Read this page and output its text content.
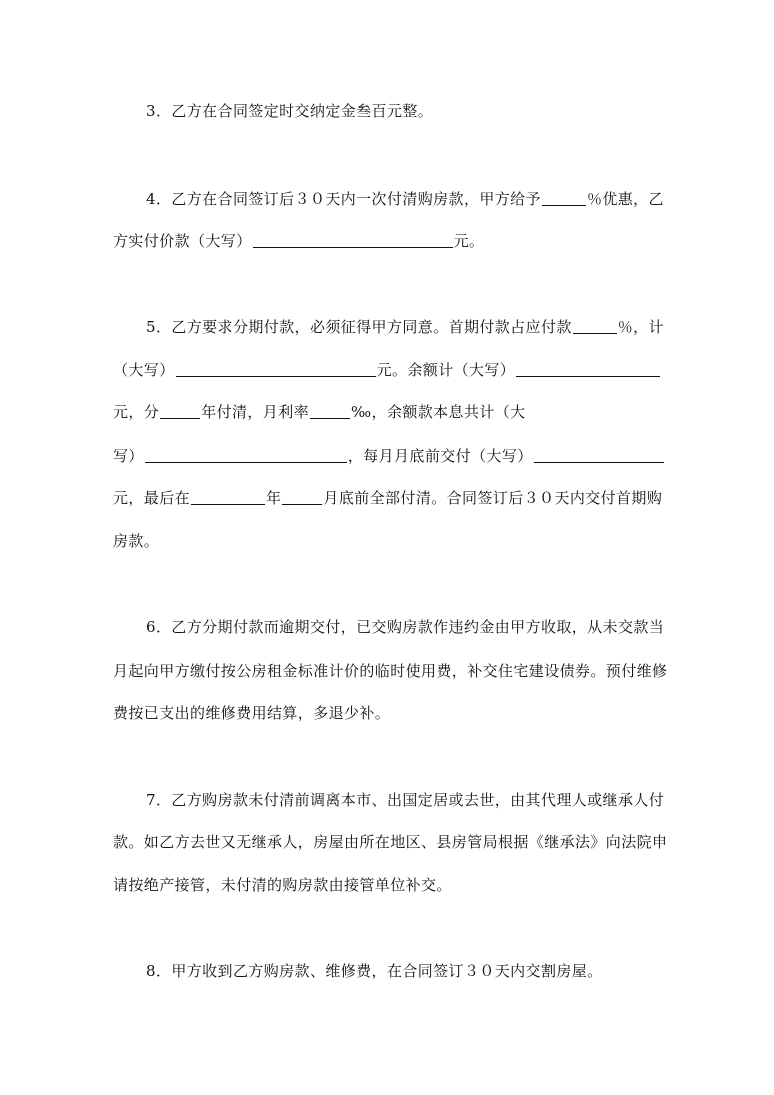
3．乙方在合同签定时交纳定金叁百元整。
4．乙方在合同签订后３０天内一次付清购房款，甲方给予	％优惠，乙
方实付价款（大写）	元。
5．乙方要求分期付款，必须征得甲方同意。首期付款占应付款	％，计
（大写）	元。余额计（大写）
元，分	年付清，月利率	‰，余额款本息共计（大
写）	，每月月底前交付（大写）
元，最后在	年	月底前全部付清。合同签订后３０天内交付首期购
房款。
6．乙方分期付款而逾期交付，已交购房款作违约金由甲方收取，从未交款当
月起向甲方缴付按公房租金标准计价的临时使用费，补交住宅建设债券。预付维修
费按已支出的维修费用结算，多退少补。
7．乙方购房款未付清前调离本市、出国定居或去世，由其代理人或继承人付
款。如乙方去世又无继承人，房屋由所在地区、县房管局根据《继承法》向法院申
请按绝产接管，未付清的购房款由接管单位补交。
8．甲方收到乙方购房款、维修费，在合同签订３０天内交割房屋。
